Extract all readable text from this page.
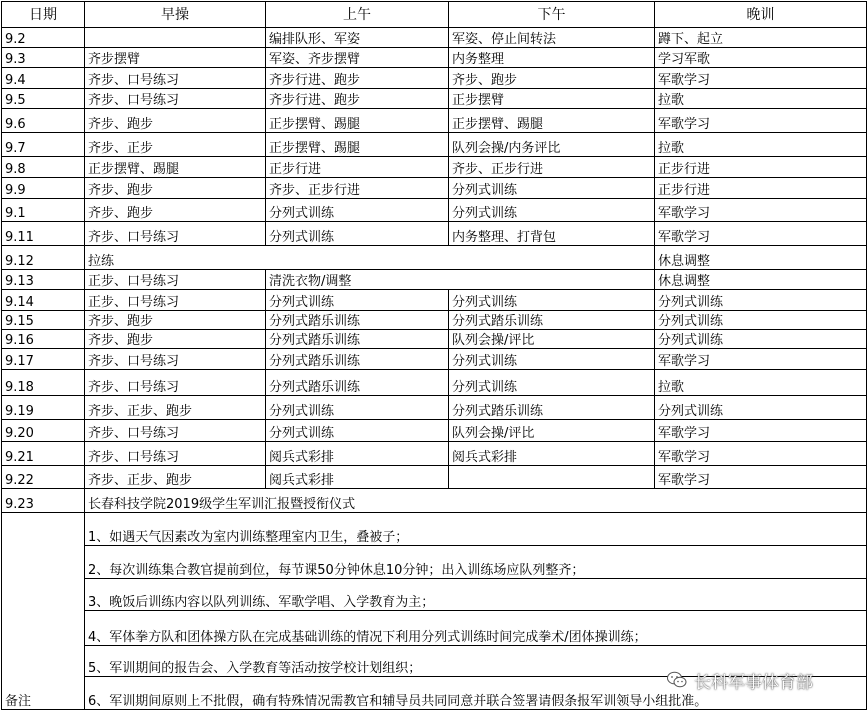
日期	早操	上午	下午	晚训
9.2		编排队形、军姿	军姿、停止间转法	蹲下、起立
9.3	齐步摆臂	军姿、齐步摆臂	内务整理	学习军歌
9.4	齐步、口号练习	齐步行进、跑步	齐步、跑步	军歌学习
9.5	齐步、口号练习	齐步行进、跑步	正步摆臂	拉歌
9.6	齐步、跑步	正步摆臂、踢腿	正步摆臂、踢腿	军歌学习
9.7	齐步、正步	正步摆臂、踢腿	队列会操/内务评比	拉歌
9.8	正步摆臂、踢腿	正步行进	齐步、正步行进	正步行进
9.9	齐步、跑步	齐步、正步行进	分列式训练	正步行进
9.1	齐步、跑步	分列式训练	分列式训练	军歌学习
9.11	齐步、口号练习	分列式训练	内务整理、打背包	军歌学习
9.12	拉练			休息调整
9.13	正步、口号练习	清洗衣物/调整		休息调整
9.14	正步、口号练习	分列式训练	分列式训练	分列式训练
9.15	齐步、跑步	分列式踏乐训练	分列式踏乐训练	分列式训练
9.16	齐步、跑步	分列式踏乐训练	队列会操/评比	分列式训练
9.17	齐步、口号练习	分列式踏乐训练	分列式训练	军歌学习
9.18	齐步、口号练习	分列式踏乐训练	分列式训练	拉歌
9.19	齐步、正步、跑步	分列式训练	分列式踏乐训练	分列式训练
9.20	齐步、口号练习	分列式训练	队列会操/评比	军歌学习
9.21	齐步、口号练习	阅兵式彩排	阅兵式彩排	军歌学习
9.22	齐步、正步、跑步	阅兵式彩排		军歌学习
9.23	长春科技学院2019级学生军训汇报暨授衔仪式			
备注	1、如遇天气因素改为室内训练整理室内卫生，叠被子；			
	2、每次训练集合教官提前到位，每节课50分钟休息10分钟；出入训练场应队列整齐；			
	3、晚饭后训练内容以队列训练、军歌学唱、入学教育为主；			
	4、军体拳方队和团体操方队在完成基础训练的情况下利用分列式训练时间完成拳术/团体操训练；			
	5、军训期间的报告会、入学教育等活动按学校计划组织；			
	6、军训期间原则上不批假，确有特殊情况需教官和辅导员共同同意并联合签署请假条报军训领导小组批准。			
长科军事体育部
